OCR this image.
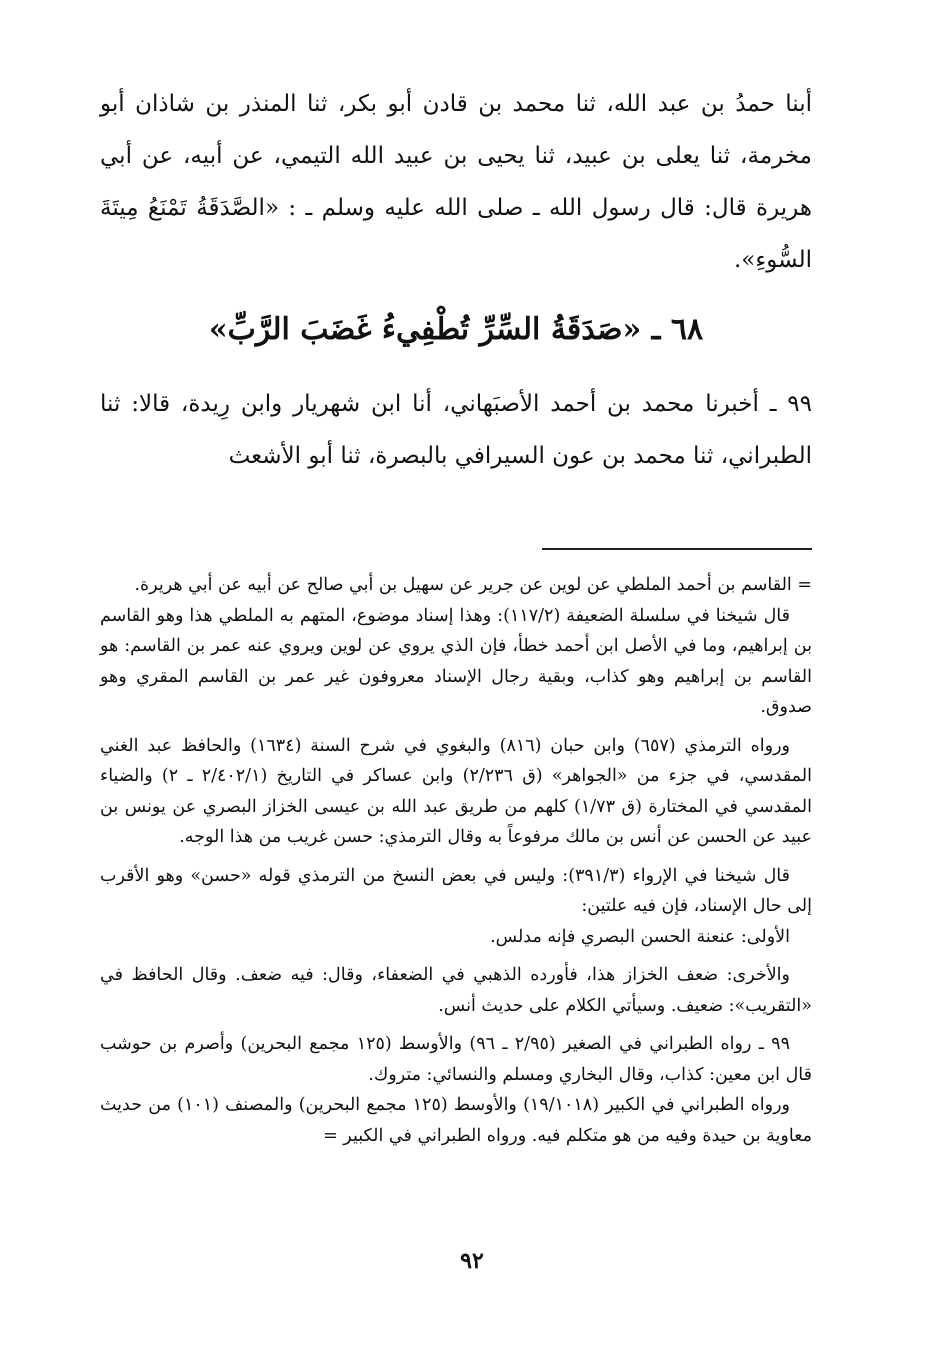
أبنا حمدُ بن عبد الله، ثنا محمد بن قادن أبو بكر، ثنا المنذر بن شاذان أبو مخرمة، ثنا يعلى بن عبيد، ثنا يحيى بن عبيد الله التيمي، عن أبيه، عن أبي هريرة قال: قال رسول الله ـ صلى الله عليه وسلم ـ : «الصَّدَقَةُ تَمْنَعُ مِيتَةَ السُّوءِ».

٦٨ ـ «صَدَقَةُ السِّرِّ تُطْفِيءُ غَضَبَ الرَّبِّ»

٩٩ ـ أخبرنا محمد بن أحمد الأصبَهاني، أنا ابن شهريار وابن رِيدة، قالا: ثنا الطبراني، ثنا محمد بن عون السيرافي بالبصرة، ثنا أبو الأشعث

= القاسم بن أحمد الملطي عن لوين عن جرير عن سهيل بن أبي صالح عن أبيه عن أبي هريرة.

قال شيخنا في سلسلة الضعيفة (١١٧/٢): وهذا إسناد موضوع، المتهم به الملطي هذا وهو القاسم بن إبراهيم، وما في الأصل ابن أحمد خطأ، فإن الذي يروي عن لوين ويروي عنه عمر بن القاسم: هو القاسم بن إبراهيم وهو كذاب، وبقية رجال الإسناد معروفون غير عمر بن القاسم المقري وهو صدوق.

ورواه الترمذي (٦٥٧) وابن حبان (٨١٦) والبغوي في شرح السنة (١٦٣٤) والحافظ عبد الغني المقدسي، في جزء من «الجواهر» (ق ٢/٢٣٦) وابن عساكر في التاريخ (٢/٤٠٢/١ ـ ٢) والضياء المقدسي في المختارة (ق ١/٧٣) كلهم من طريق عبد الله بن عيسى الخزاز البصري عن يونس بن عبيد عن الحسن عن أنس بن مالك مرفوعاً به وقال الترمذي: حسن غريب من هذا الوجه.

قال شيخنا في الإرواء (٣٩١/٣): وليس في بعض النسخ من الترمذي قوله «حسن» وهو الأقرب إلى حال الإسناد، فإن فيه علتين:

الأولى: عنعنة الحسن البصري فإنه مدلس.

والأخرى: ضعف الخزاز هذا، فأورده الذهبي في الضعفاء، وقال: فيه ضعف. وقال الحافظ في «التقريب»: ضعيف. وسيأتي الكلام على حديث أنس.

٩٩ ـ رواه الطبراني في الصغير (٢/٩٥ ـ ٩٦) والأوسط (١٢٥ مجمع البحرين) وأصرم بن حوشب قال ابن معين: كذاب، وقال البخاري ومسلم والنسائي: متروك.

ورواه الطبراني في الكبير (١٩/١٠١٨) والأوسط (١٢٥ مجمع البحرين) والمصنف (١٠١) من حديث معاوية بن حيدة وفيه من هو متكلم فيه. ورواه الطبراني في الكبير =

٩٢
